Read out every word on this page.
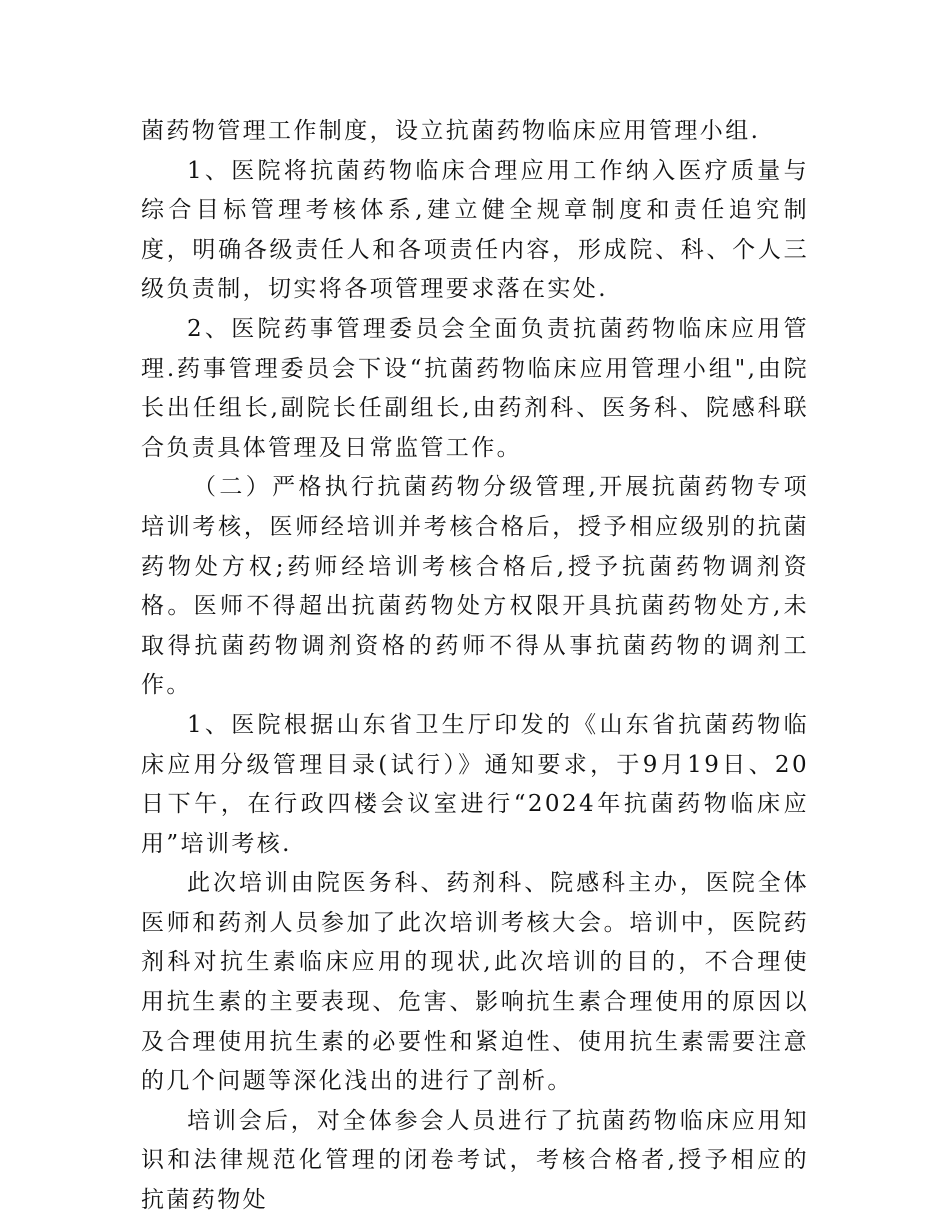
菌药物管理工作制度，设立抗菌药物临床应用管理小组.

1、医院将抗菌药物临床合理应用工作纳入医疗质量与综合目标管理考核体系,建立健全规章制度和责任追究制度，明确各级责任人和各项责任内容，形成院、科、个人三级负责制，切实将各项管理要求落在实处.

2、医院药事管理委员会全面负责抗菌药物临床应用管理.药事管理委员会下设“抗菌药物临床应用管理小组",由院长出任组长,副院长任副组长,由药剂科、医务科、院感科联合负责具体管理及日常监管工作。

（二）严格执行抗菌药物分级管理,开展抗菌药物专项培训考核，医师经培训并考核合格后，授予相应级别的抗菌药物处方权;药师经培训考核合格后,授予抗菌药物调剂资格。医师不得超出抗菌药物处方权限开具抗菌药物处方,未取得抗菌药物调剂资格的药师不得从事抗菌药物的调剂工作。

1、医院根据山东省卫生厅印发的《山东省抗菌药物临床应用分级管理目录(试行）》通知要求，于9月19日、20日下午，在行政四楼会议室进行“2024年抗菌药物临床应用”培训考核.

此次培训由院医务科、药剂科、院感科主办，医院全体医师和药剂人员参加了此次培训考核大会。培训中，医院药剂科对抗生素临床应用的现状,此次培训的目的，不合理使用抗生素的主要表现、危害、影响抗生素合理使用的原因以及合理使用抗生素的必要性和紧迫性、使用抗生素需要注意的几个问题等深化浅出的进行了剖析。

培训会后，对全体参会人员进行了抗菌药物临床应用知识和法律规范化管理的闭卷考试，考核合格者,授予相应的抗菌药物处
